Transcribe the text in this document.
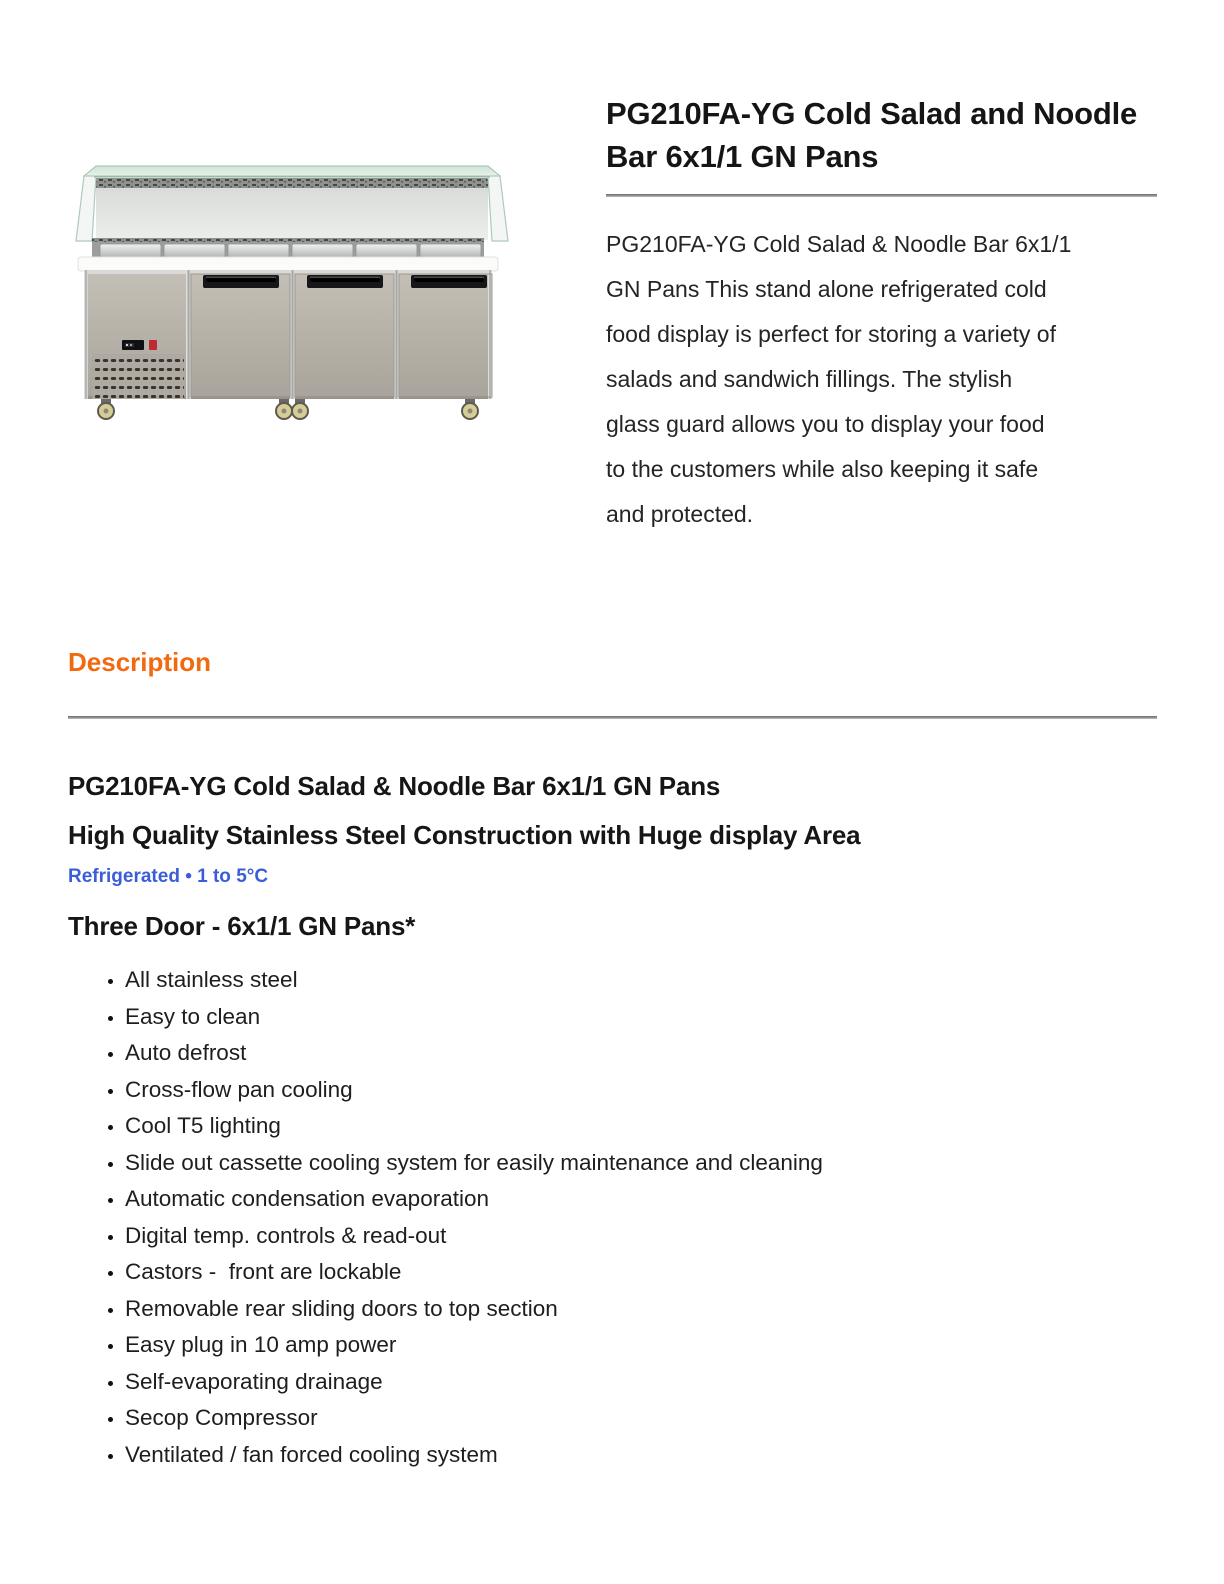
PG210FA-YG Cold Salad and Noodle
Bar 6x1/1 GN Pans
PG210FA-YG Cold Salad & Noodle Bar 6x1/1
GN Pans This stand alone refrigerated cold
food display is perfect for storing a variety of
salads and sandwich fillings. The stylish
glass guard allows you to display your food
to the customers while also keeping it safe
and protected.
Description
PG210FA-YG Cold Salad & Noodle Bar 6x1/1 GN Pans
High Quality Stainless Steel Construction with Huge display Area
Refrigerated • 1 to 5°C
Three Door - 6x1/1 GN Pans*
• All stainless steel
• Easy to clean
• Auto defrost
• Cross-flow pan cooling
• Cool T5 lighting
• Slide out cassette cooling system for easily maintenance and cleaning
• Automatic condensation evaporation
• Digital temp. controls & read-out
• Castors -  front are lockable
• Removable rear sliding doors to top section
• Easy plug in 10 amp power
• Self-evaporating drainage
• Secop Compressor
• Ventilated / fan forced cooling system
